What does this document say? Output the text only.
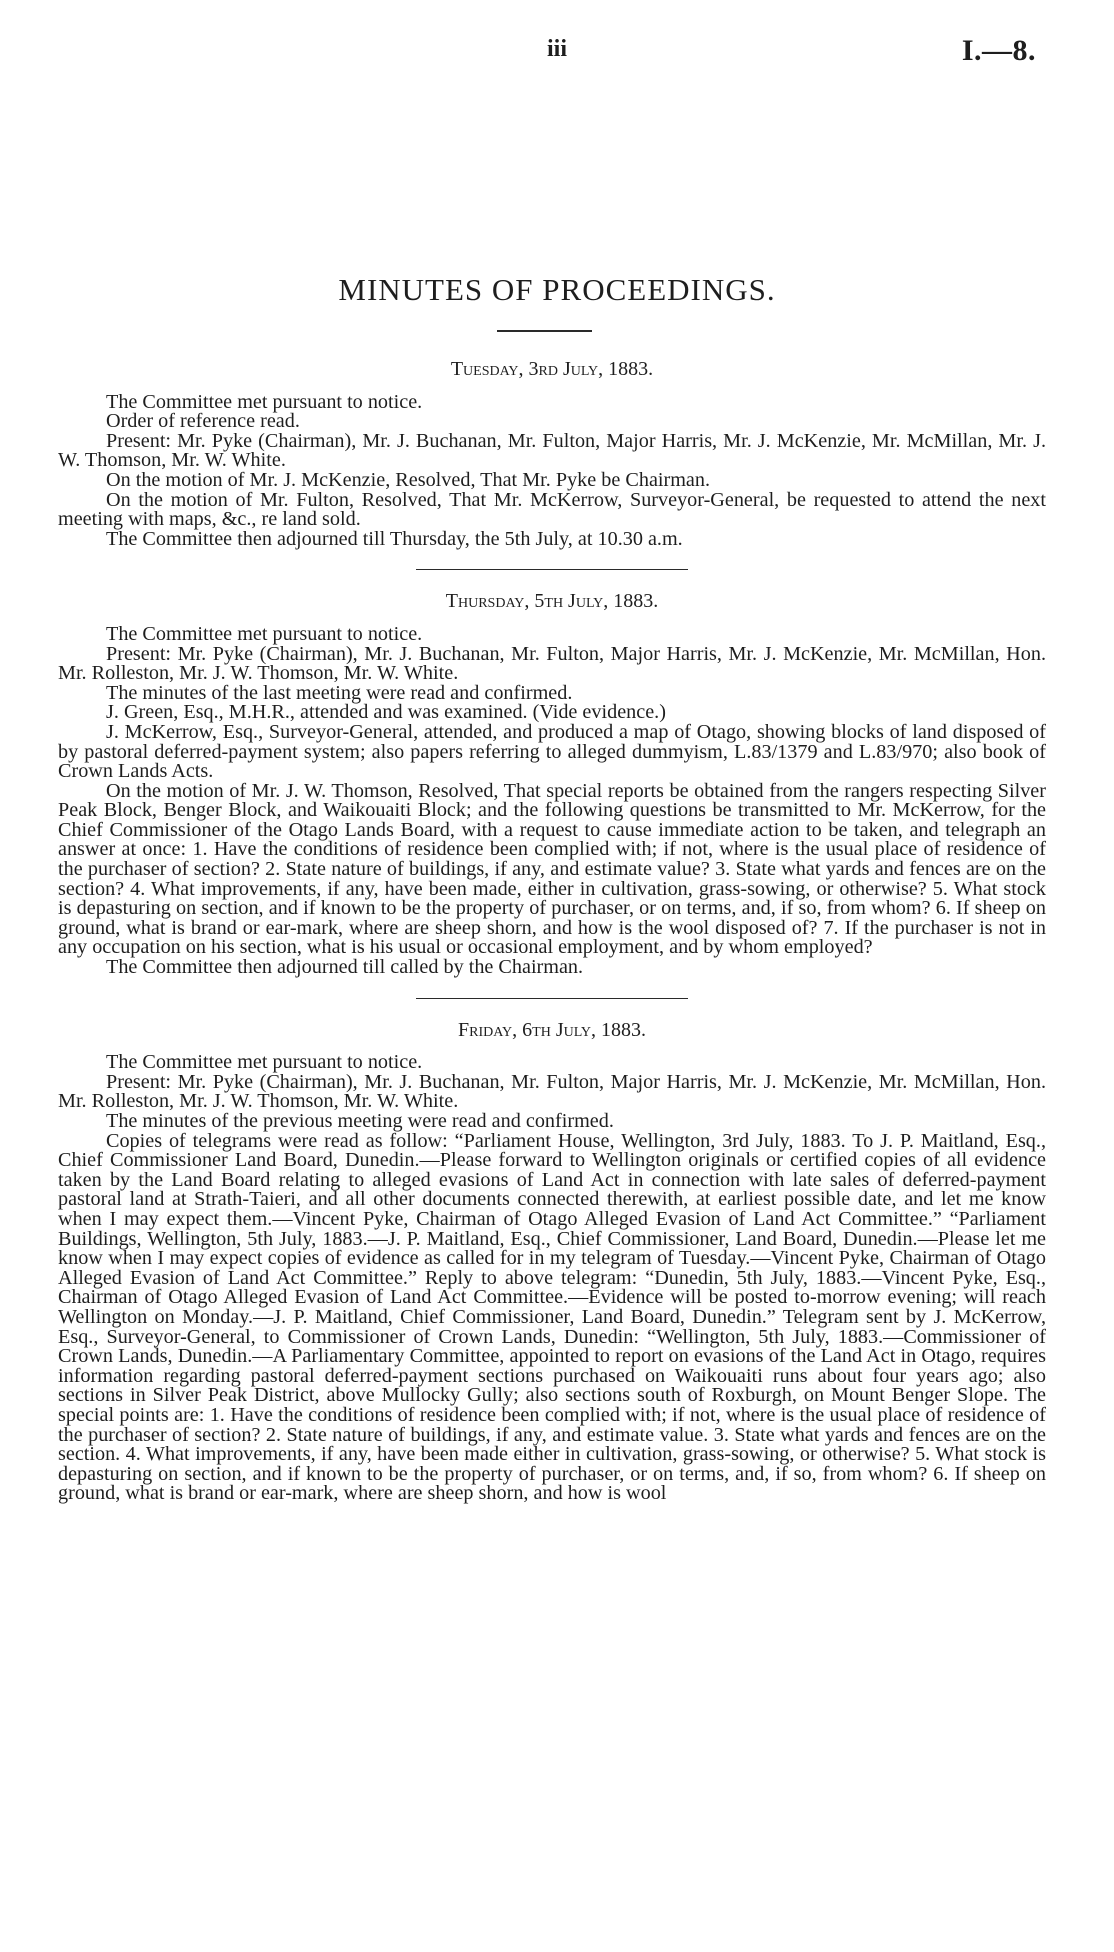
iii	I.—8.
MINUTES OF PROCEEDINGS.
Tuesday, 3rd July, 1883.

The Committee met pursuant to notice.

Order of reference read.

Present: Mr. Pyke (Chairman), Mr. J. Buchanan, Mr. Fulton, Major Harris, Mr. J. McKenzie, Mr. McMillan, Mr. J. W. Thomson, Mr. W. White.

On the motion of Mr. J. McKenzie, Resolved, That Mr. Pyke be Chairman.

On the motion of Mr. Fulton, Resolved, That Mr. McKerrow, Surveyor-General, be requested to attend the next meeting with maps, &c., re land sold.

The Committee then adjourned till Thursday, the 5th July, at 10.30 a.m.

Thursday, 5th July, 1883.

The Committee met pursuant to notice.

Present: Mr. Pyke (Chairman), Mr. J. Buchanan, Mr. Fulton, Major Harris, Mr. J. McKenzie, Mr. McMillan, Hon. Mr. Rolleston, Mr. J. W. Thomson, Mr. W. White.

The minutes of the last meeting were read and confirmed.

J. Green, Esq., M.H.R., attended and was examined. (Vide evidence.)

J. McKerrow, Esq., Surveyor-General, attended, and produced a map of Otago, showing blocks of land disposed of by pastoral deferred-payment system; also papers referring to alleged dummyism, L.83/1379 and L.83/970; also book of Crown Lands Acts.

On the motion of Mr. J. W. Thomson, Resolved, That special reports be obtained from the rangers respecting Silver Peak Block, Benger Block, and Waikouaiti Block; and the following questions be transmitted to Mr. McKerrow, for the Chief Commissioner of the Otago Lands Board, with a request to cause immediate action to be taken, and telegraph an answer at once: 1. Have the conditions of residence been complied with; if not, where is the usual place of residence of the purchaser of section? 2. State nature of buildings, if any, and estimate value? 3. State what yards and fences are on the section? 4. What improvements, if any, have been made, either in cultivation, grass-sowing, or otherwise? 5. What stock is depasturing on section, and if known to be the property of purchaser, or on terms, and, if so, from whom? 6. If sheep on ground, what is brand or ear-mark, where are sheep shorn, and how is the wool disposed of? 7. If the purchaser is not in any occupation on his section, what is his usual or occasional employment, and by whom employed?

The Committee then adjourned till called by the Chairman.

Friday, 6th July, 1883.

The Committee met pursuant to notice.

Present: Mr. Pyke (Chairman), Mr. J. Buchanan, Mr. Fulton, Major Harris, Mr. J. McKenzie, Mr. McMillan, Hon. Mr. Rolleston, Mr. J. W. Thomson, Mr. W. White.

The minutes of the previous meeting were read and confirmed.

Copies of telegrams were read as follow: “Parliament House, Wellington, 3rd July, 1883. To J. P. Maitland, Esq., Chief Commissioner Land Board, Dunedin.—Please forward to Wellington originals or certified copies of all evidence taken by the Land Board relating to alleged evasions of Land Act in connection with late sales of deferred-payment pastoral land at Strath-Taieri, and all other documents connected therewith, at earliest possible date, and let me know when I may expect them.—Vincent Pyke, Chairman of Otago Alleged Evasion of Land Act Committee.” “Parliament Buildings, Wellington, 5th July, 1883.—J. P. Maitland, Esq., Chief Commissioner, Land Board, Dunedin.—Please let me know when I may expect copies of evidence as called for in my telegram of Tuesday.—Vincent Pyke, Chairman of Otago Alleged Evasion of Land Act Committee.” Reply to above telegram: “Dunedin, 5th July, 1883.—Vincent Pyke, Esq., Chairman of Otago Alleged Evasion of Land Act Committee.—Evidence will be posted to-morrow evening; will reach Wellington on Monday.—J. P. Maitland, Chief Commissioner, Land Board, Dunedin.” Telegram sent by J. McKerrow, Esq., Surveyor-General, to Commissioner of Crown Lands, Dunedin: “Wellington, 5th July, 1883.—Commissioner of Crown Lands, Dunedin.—A Parliamentary Committee, appointed to report on evasions of the Land Act in Otago, requires information regarding pastoral deferred-payment sections purchased on Waikouaiti runs about four years ago; also sections in Silver Peak District, above Mullocky Gully; also sections south of Roxburgh, on Mount Benger Slope. The special points are: 1. Have the conditions of residence been complied with; if not, where is the usual place of residence of the purchaser of section? 2. State nature of buildings, if any, and estimate value. 3. State what yards and fences are on the section. 4. What improvements, if any, have been made either in cultivation, grass-sowing, or otherwise? 5. What stock is depasturing on section, and if known to be the property of purchaser, or on terms, and, if so, from whom? 6. If sheep on ground, what is brand or ear-mark, where are sheep shorn, and how is wool
